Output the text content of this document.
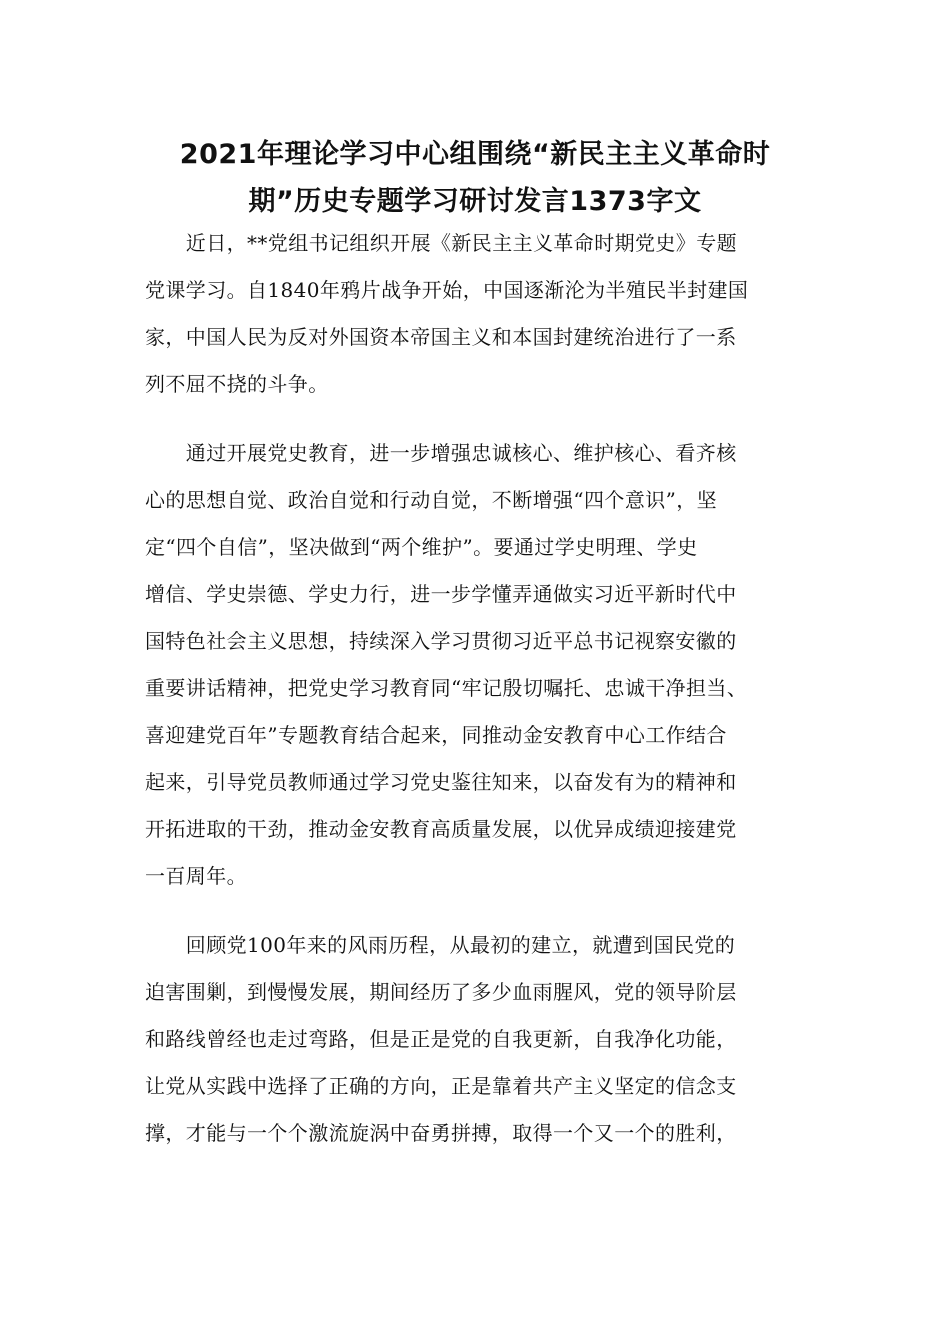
2021年理论学习中心组围绕“新民主主义革命时
期”历史专题学习研讨发言1373字文
　　近日，**党组书记组织开展《新民主主义革命时期党史》专题
党课学习。自1840年鸦片战争开始，中国逐渐沦为半殖民半封建国
家，中国人民为反对外国资本帝国主义和本国封建统治进行了一系
列不屈不挠的斗争。
　　通过开展党史教育，进一步增强忠诚核心、维护核心、看齐核
心的思想自觉、政治自觉和行动自觉，不断增强“四个意识”，坚
定“四个自信”，坚决做到“两个维护”。要通过学史明理、学史
增信、学史崇德、学史力行，进一步学懂弄通做实习近平新时代中
国特色社会主义思想，持续深入学习贯彻习近平总书记视察安徽的
重要讲话精神，把党史学习教育同“牢记殷切嘱托、忠诚干净担当、
喜迎建党百年”专题教育结合起来，同推动金安教育中心工作结合
起来，引导党员教师通过学习党史鉴往知来，以奋发有为的精神和
开拓进取的干劲，推动金安教育高质量发展，以优异成绩迎接建党
一百周年。
　　回顾党100年来的风雨历程，从最初的建立，就遭到国民党的
迫害围剿，到慢慢发展，期间经历了多少血雨腥风，党的领导阶层
和路线曾经也走过弯路，但是正是党的自我更新，自我净化功能，
让党从实践中选择了正确的方向，正是靠着共产主义坚定的信念支
撑，才能与一个个激流旋涡中奋勇拼搏，取得一个又一个的胜利，
